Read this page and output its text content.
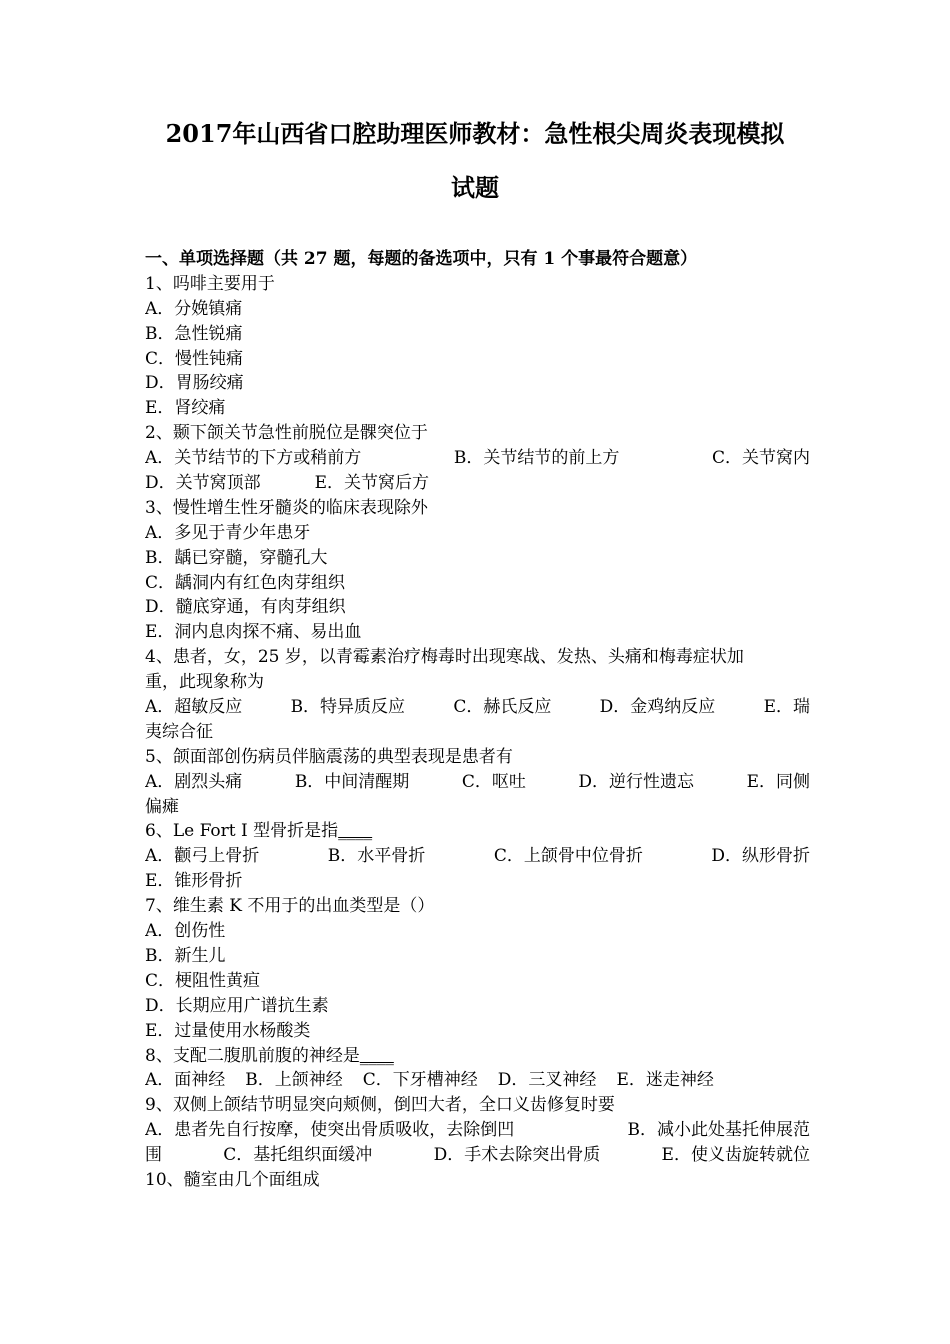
2017年山西省口腔助理医师教材：急性根尖周炎表现模拟
试题
一、单项选择题（共 27 题，每题的备选项中，只有 1 个事最符合题意）
1、吗啡主要用于
A．分娩镇痛
B．急性锐痛
C．慢性钝痛
D．胃肠绞痛
E．肾绞痛
2、颞下颌关节急性前脱位是髁突位于
A．关节结节的下方或稍前方	B．关节结节的前上方	C．关节窝内
D．关节窝顶部	E．关节窝后方
3、慢性增生性牙髓炎的临床表现除外
A．多见于青少年患牙
B．龋已穿髓，穿髓孔大
C．龋洞内有红色肉芽组织
D．髓底穿通，有肉芽组织
E．洞内息肉探不痛、易出血
4、患者，女，25 岁，以青霉素治疗梅毒时出现寒战、发热、头痛和梅毒症状加
重，此现象称为
A．超敏反应	B．特异质反应	C．赫氏反应	D．金鸡纳反应	E．瑞
夷综合征
5、颌面部创伤病员伴脑震荡的典型表现是患者有
A．剧烈头痛	B．中间清醒期	C．呕吐	D．逆行性遗忘	E．同侧
偏瘫
6、Le Fort Ⅰ 型骨折是指____
A．颧弓上骨折	B．水平骨折	C．上颌骨中位骨折	D．纵形骨折
E．锥形骨折
7、维生素 K 不用于的出血类型是（）
A．创伤性
B．新生儿
C．梗阻性黄疸
D．长期应用广谱抗生素
E．过量使用水杨酸类
8、支配二腹肌前腹的神经是____
A．面神经 B．上颌神经 C．下牙槽神经 D．三叉神经 E．迷走神经
9、双侧上颌结节明显突向颊侧，倒凹大者，全口义齿修复时要
A．患者先自行按摩，使突出骨质吸收，去除倒凹	B．减小此处基托伸展范
围	C．基托组织面缓冲	D．手术去除突出骨质	E．使义齿旋转就位
10、髓室由几个面组成
